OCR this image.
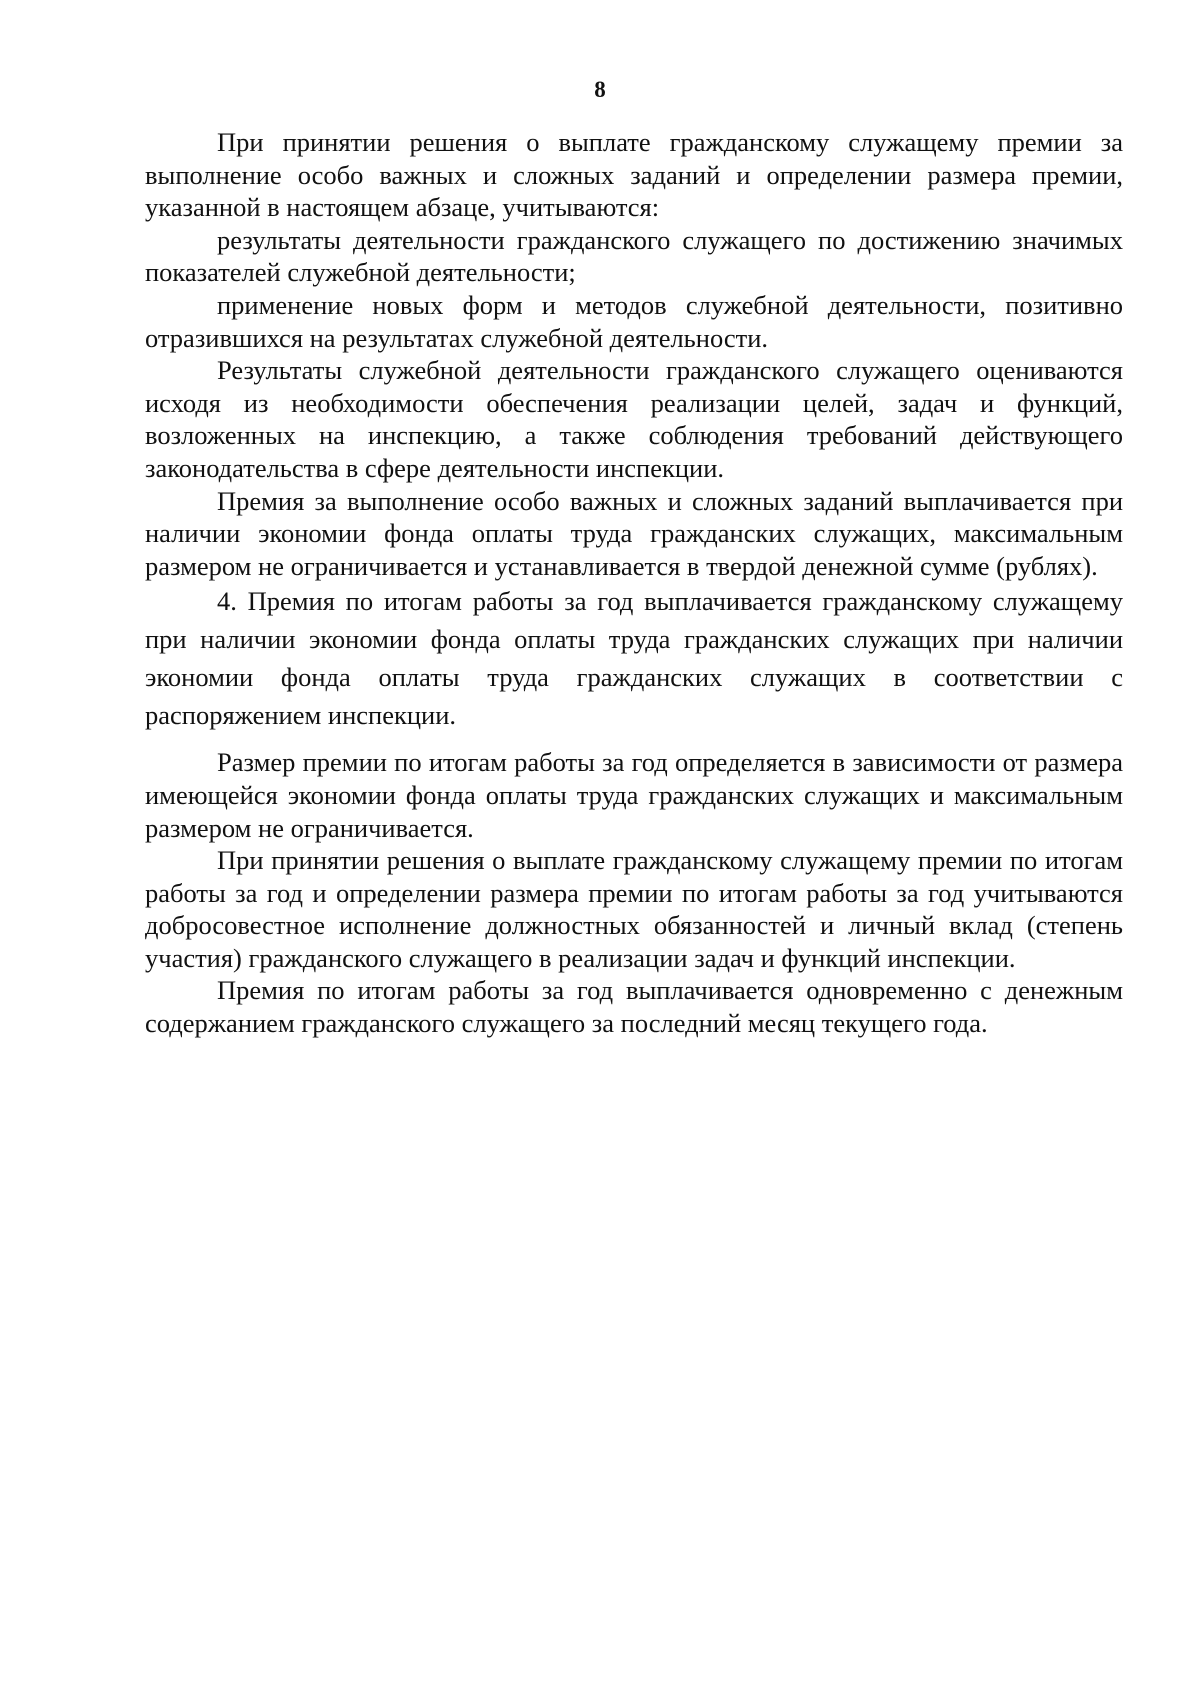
8

При принятии решения о выплате гражданскому служащему премии за выполнение особо важных и сложных заданий и определении размера премии, указанной в настоящем абзаце, учитываются:

результаты деятельности гражданского служащего по достижению значимых показателей служебной деятельности;

применение новых форм и методов служебной деятельности, позитивно отразившихся на результатах служебной деятельности.

Результаты служебной деятельности гражданского служащего оцениваются исходя из необходимости обеспечения реализации целей, задач и функций, возложенных на инспекцию, а также соблюдения требований действующего законодательства в сфере деятельности инспекции.

Премия за выполнение особо важных и сложных заданий выплачивается при наличии экономии фонда оплаты труда гражданских служащих, максимальным размером не ограничивается и устанавливается в твердой денежной сумме (рублях).

4. Премия по итогам работы за год выплачивается гражданскому служащему при наличии экономии фонда оплаты труда гражданских служащих при наличии экономии фонда оплаты труда гражданских служащих в соответствии с распоряжением инспекции.

Размер премии по итогам работы за год определяется в зависимости от размера имеющейся экономии фонда оплаты труда гражданских служащих и максимальным размером не ограничивается.

При принятии решения о выплате гражданскому служащему премии по итогам работы за год и определении размера премии по итогам работы за год учитываются добросовестное исполнение должностных обязанностей и личный вклад (степень участия) гражданского служащего в реализации задач и функций инспекции.

Премия по итогам работы за год выплачивается одновременно с денежным содержанием гражданского служащего за последний месяц текущего года.
